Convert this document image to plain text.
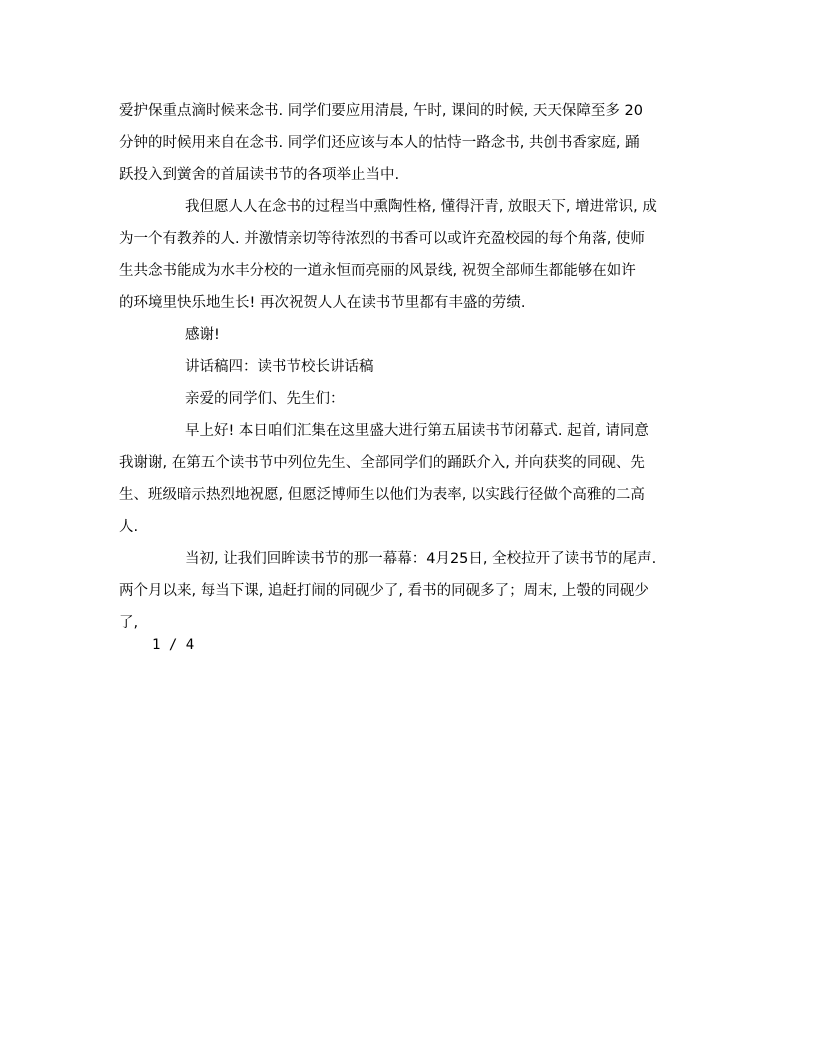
爱护保重点滴时候来念书. 同学们要应用清晨, 午时, 课间的时候, 天天保障至多 20
分钟的时候用来自在念书. 同学们还应该与本人的怙恃一路念书, 共创书香家庭, 踊
跃投入到黉舍的首届读书节的各项举止当中.
我但愿人人在念书的过程当中熏陶性格, 懂得汗青, 放眼天下, 增进常识, 成
为一个有教养的人. 并激情亲切等待浓烈的书香可以或许充盈校园的每个角落, 使师
生共念书能成为水丰分校的一道永恒而亮丽的风景线, 祝贺全部师生都能够在如许
的环境里快乐地生长! 再次祝贺人人在读书节里都有丰盛的劳绩.
感谢!
讲话稿四：读书节校长讲话稿
亲爱的同学们、先生们：
早上好! 本日咱们汇集在这里盛大进行第五届读书节闭幕式. 起首, 请同意
我谢谢, 在第五个读书节中列位先生、全部同学们的踊跃介入, 并向获奖的同砚、先
生、班级暗示热烈地祝愿, 但愿泛博师生以他们为表率, 以实践行径做个高雅的二高
人.
当初, 让我们回眸读书节的那一幕幕：4月25日, 全校拉开了读书节的尾声.
两个月以来, 每当下课, 追赶打闹的同砚少了, 看书的同砚多了；周末, 上彀的同砚少
了,
1 / 4
